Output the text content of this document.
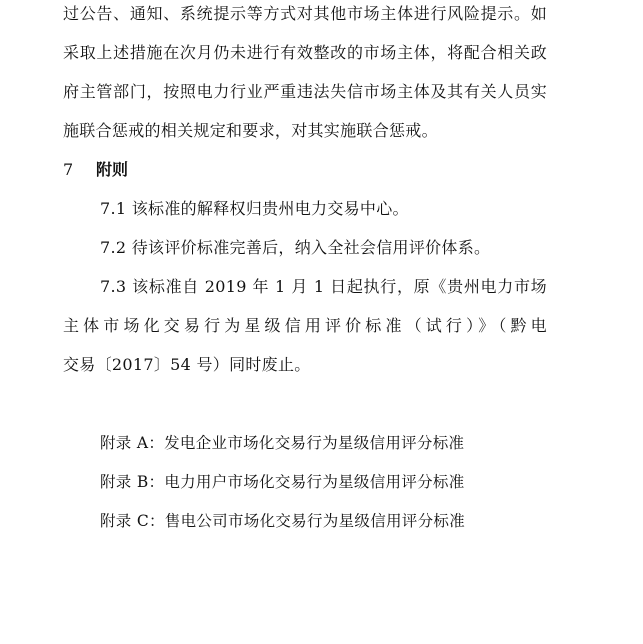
过公告、通知、系统提示等方式对其他市场主体进行风险提示。如
采取上述措施在次月仍未进行有效整改的市场主体，将配合相关政
府主管部门，按照电力行业严重违法失信市场主体及其有关人员实
施联合惩戒的相关规定和要求，对其实施联合惩戒。
7 附则
7.1 该标准的解释权归贵州电力交易中心。
7.2 待该评价标准完善后，纳入全社会信用评价体系。
7.3 该标准自 2019 年 1 月 1 日起执行，原《贵州电力市场
主体市场化交易行为星级信用评价标准（试行）》（黔电
交易〔2017〕54 号）同时废止。
附录 A：发电企业市场化交易行为星级信用评分标准
附录 B：电力用户市场化交易行为星级信用评分标准
附录 C：售电公司市场化交易行为星级信用评分标准
